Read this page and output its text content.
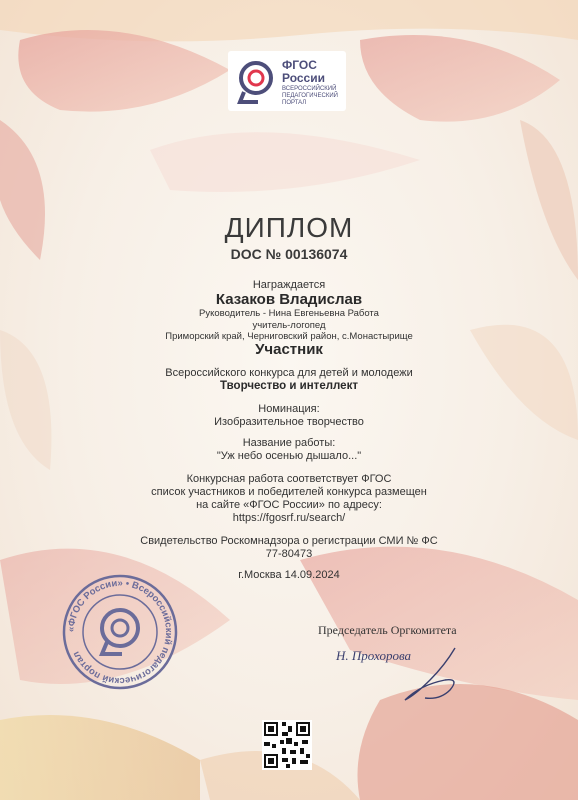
ФГОС
России
ВСЕРОССИЙСКИЙ ПЕДАГОГИЧЕСКИЙ ПОРТАЛ
ДИПЛОМ
DOC № 00136074
Награждается
Казаков Владислав
Руководитель - Нина Евгеньевна Работа
учитель-логопед
Приморский край, Черниговский район, с.Монастырище
Участник
Всероссийского конкурса для детей и молодежи
Творчество и интеллект
Номинация:
Изобразительное творчество
Название работы:
"Уж небо осенью дышало..."
Конкурсная работа соответствует ФГОС
список участников и победителей конкурса размещен
на сайте «ФГОС России» по адресу:
https://fgosrf.ru/search/
Свидетельство Роскомнадзора о регистрации СМИ № ФС
77-80473
г.Москва 14.09.2024
«ФГОС России» • Всероссийский педагогический портал
Председатель Оргкомитета
Н. Прохорова
